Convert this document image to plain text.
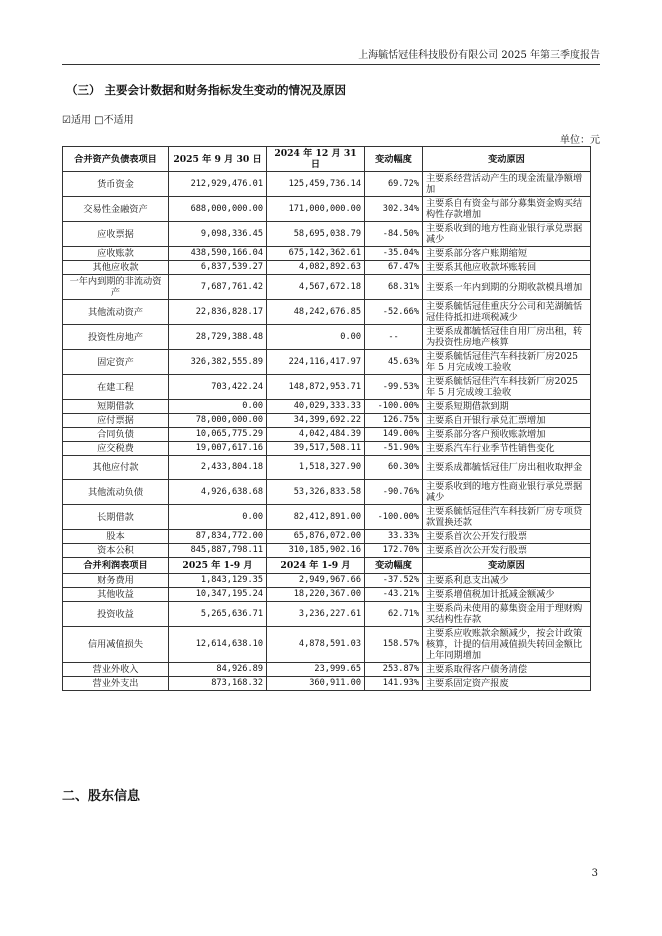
上海毓恬冠佳科技股份有限公司 2025 年第三季度报告
（三） 主要会计数据和财务指标发生变动的情况及原因
☑适用 □不适用
单位：元
合并资产负债表项目	2025 年 9 月 30 日	2024 年 12 月 31 日	变动幅度	变动原因
货币资金	212,929,476.01	125,459,736.14	69.72%	主要系经营活动产生的现金流量净额增加
交易性金融资产	688,000,000.00	171,000,000.00	302.34%	主要系自有资金与部分募集资金购买结构性存款增加
应收票据	9,098,336.45	58,695,038.79	-84.50%	主要系收到的地方性商业银行承兑票据减少
应收账款	438,590,166.04	675,142,362.61	-35.04%	主要系部分客户账期缩短
其他应收款	6,837,539.27	4,082,892.63	67.47%	主要系其他应收款坏账转回
一年内到期的非流动资产	7,687,761.42	4,567,672.18	68.31%	主要系一年内到期的分期收款模具增加
其他流动资产	22,836,828.17	48,242,676.85	-52.66%	主要系毓恬冠佳重庆分公司和芜湖毓恬冠佳待抵扣进项税减少
投资性房地产	28,729,388.48	0.00	--	主要系成都毓恬冠佳自用厂房出租，转为投资性房地产核算
固定资产	326,382,555.89	224,116,417.97	45.63%	主要系毓恬冠佳汽车科技新厂房2025 年 5 月完成竣工验收
在建工程	703,422.24	148,872,953.71	-99.53%	主要系毓恬冠佳汽车科技新厂房2025 年 5 月完成竣工验收
短期借款	0.00	40,029,333.33	-100.00%	主要系短期借款到期
应付票据	78,000,000.00	34,399,692.22	126.75%	主要系自开银行承兑汇票增加
合同负债	10,065,775.29	4,042,484.39	149.00%	主要系部分客户预收账款增加
应交税费	19,007,617.16	39,517,508.11	-51.90%	主要系汽车行业季节性销售变化
其他应付款	2,433,804.18	1,518,327.90	60.30%	主要系成都毓恬冠佳厂房出租收取押金
其他流动负债	4,926,638.68	53,326,833.58	-90.76%	主要系收到的地方性商业银行承兑票据减少
长期借款	0.00	82,412,891.00	-100.00%	主要系毓恬冠佳汽车科技新厂房专项贷款置换还款
股本	87,834,772.00	65,876,072.00	33.33%	主要系首次公开发行股票
资本公积	845,887,798.11	310,185,902.16	172.70%	主要系首次公开发行股票
合并利润表项目	2025 年 1-9 月	2024 年 1-9 月	变动幅度	变动原因
财务费用	1,843,129.35	2,949,967.66	-37.52%	主要系利息支出减少
其他收益	10,347,195.24	18,220,367.00	-43.21%	主要系增值税加计抵减金额减少
投资收益	5,265,636.71	3,236,227.61	62.71%	主要系尚未使用的募集资金用于理财购买结构性存款
信用减值损失	12,614,638.10	4,878,591.03	158.57%	主要系应收账款余额减少，按会计政策核算，计提的信用减值损失转回金额比上年同期增加
营业外收入	84,926.89	23,999.65	253.87%	主要系取得客户债务清偿
营业外支出	873,168.32	360,911.00	141.93%	主要系固定资产报废
二、股东信息
3
